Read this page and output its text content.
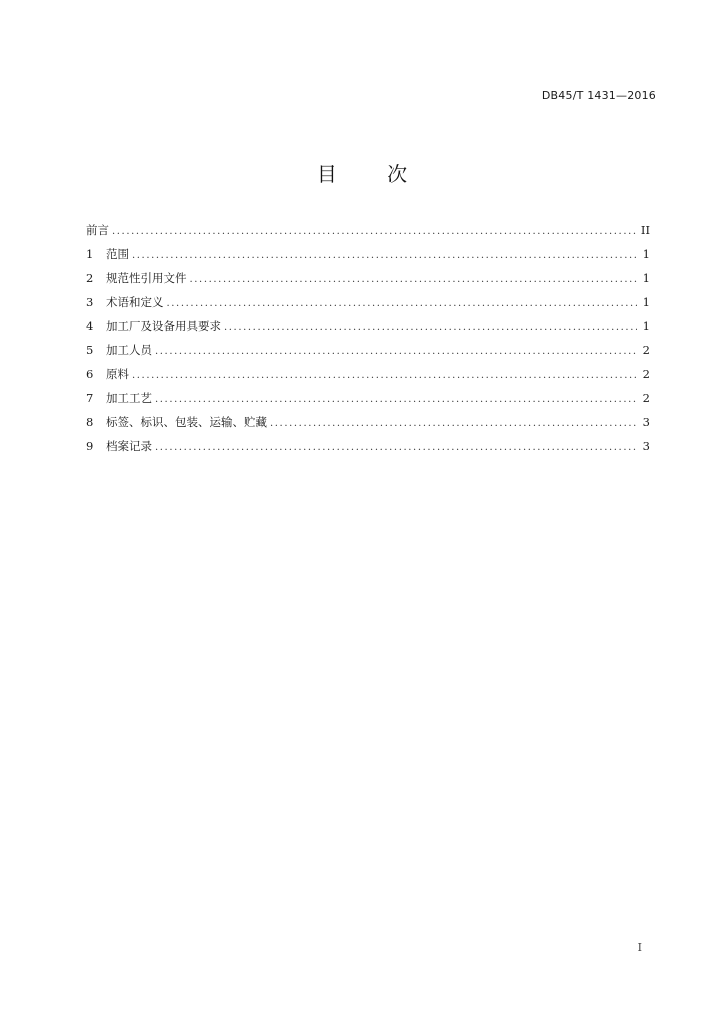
DB45/T 1431—2016
目 次
前言 .....	II
1	范围 .....	1
2	规范性引用文件 .....	1
3	术语和定义 .....	1
4	加工厂及设备用具要求 .....	1
5	加工人员 .....	2
6	原料 .....	2
7	加工工艺 .....	2
8	标签、标识、包装、运输、贮藏 .....	3
9	档案记录 .....	3
I
